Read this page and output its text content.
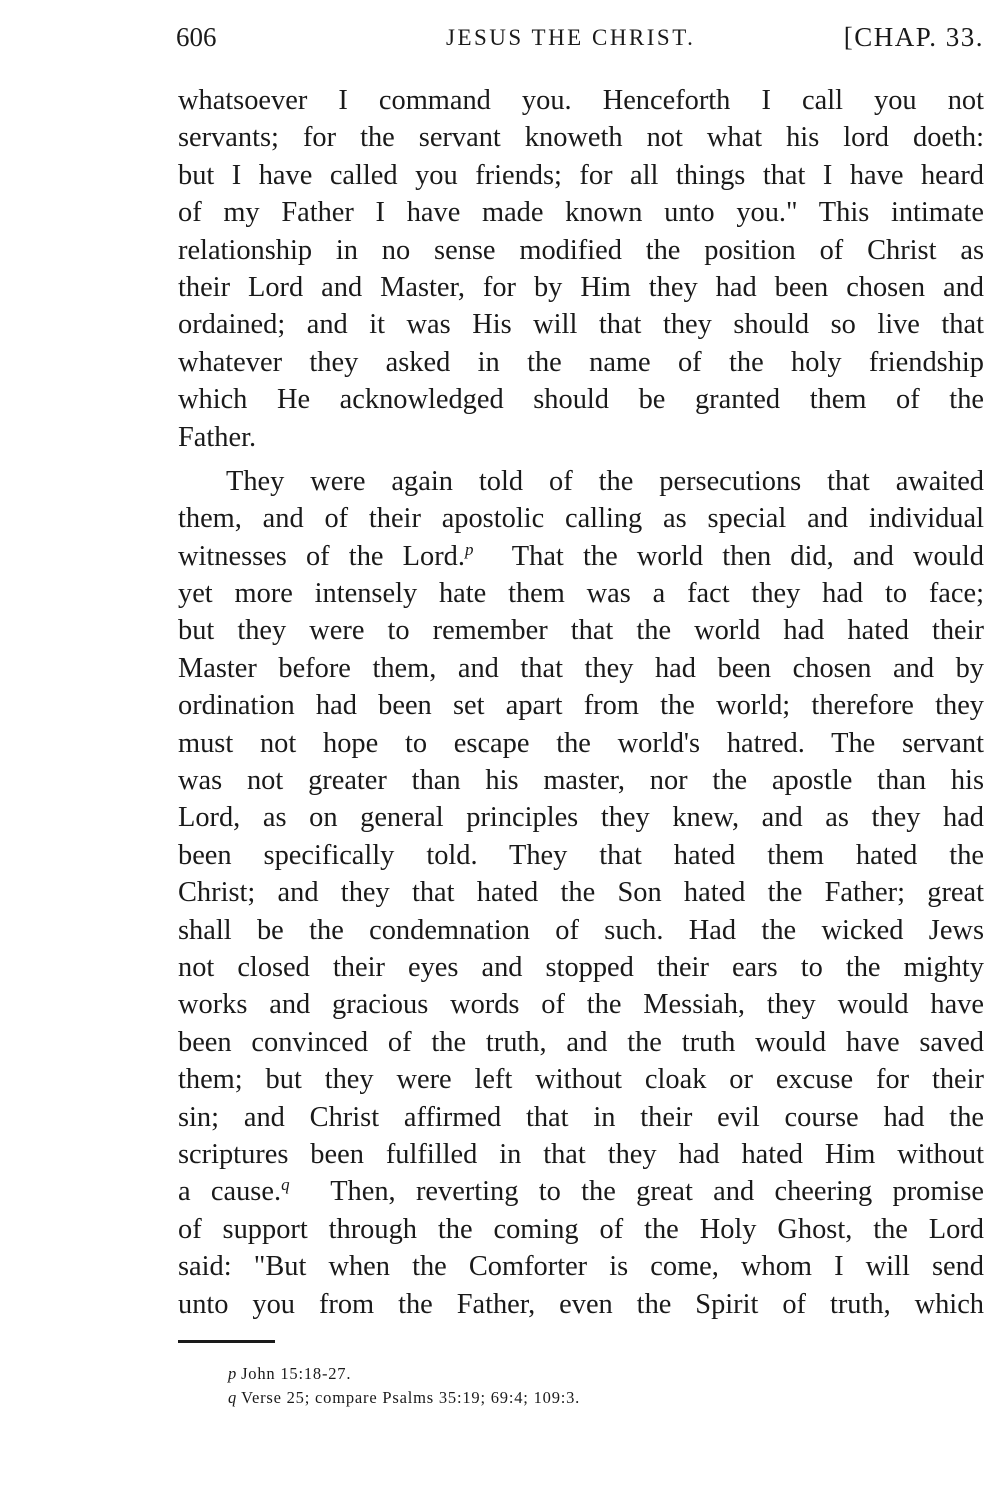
606	JESUS THE CHRIST.	[CHAP. 33.
whatsoever I command you. Henceforth I call you not
servants; for the servant knoweth not what his lord doeth:
but I have called you friends; for all things that I have heard
of my Father I have made known unto you." This intimate
relationship in no sense modified the position of Christ as
their Lord and Master, for by Him they had been chosen and
ordained; and it was His will that they should so live that
whatever they asked in the name of the holy friendship
which He acknowledged should be granted them of the
Father.
They were again told of the persecutions that awaited
them, and of their apostolic calling as special and individual
witnesses of the Lord.$^p$ That the world then did, and would
yet more intensely hate them was a fact they had to face;
but they were to remember that the world had hated their
Master before them, and that they had been chosen and by
ordination had been set apart from the world; therefore they
must not hope to escape the world's hatred. The servant
was not greater than his master, nor the apostle than his
Lord, as on general principles they knew, and as they had
been specifically told. They that hated them hated the
Christ; and they that hated the Son hated the Father; great
shall be the condemnation of such. Had the wicked Jews
not closed their eyes and stopped their ears to the mighty
works and gracious words of the Messiah, they would have
been convinced of the truth, and the truth would have saved
them; but they were left without cloak or excuse for their
sin; and Christ affirmed that in their evil course had the
scriptures been fulfilled in that they had hated Him without
a cause.$^q$ Then, reverting to the great and cheering promise
of support through the coming of the Holy Ghost, the Lord
said: "But when the Comforter is come, whom I will send
unto you from the Father, even the Spirit of truth, which
p John 15:18-27.
q Verse 25; compare Psalms 35:19; 69:4; 109:3.
